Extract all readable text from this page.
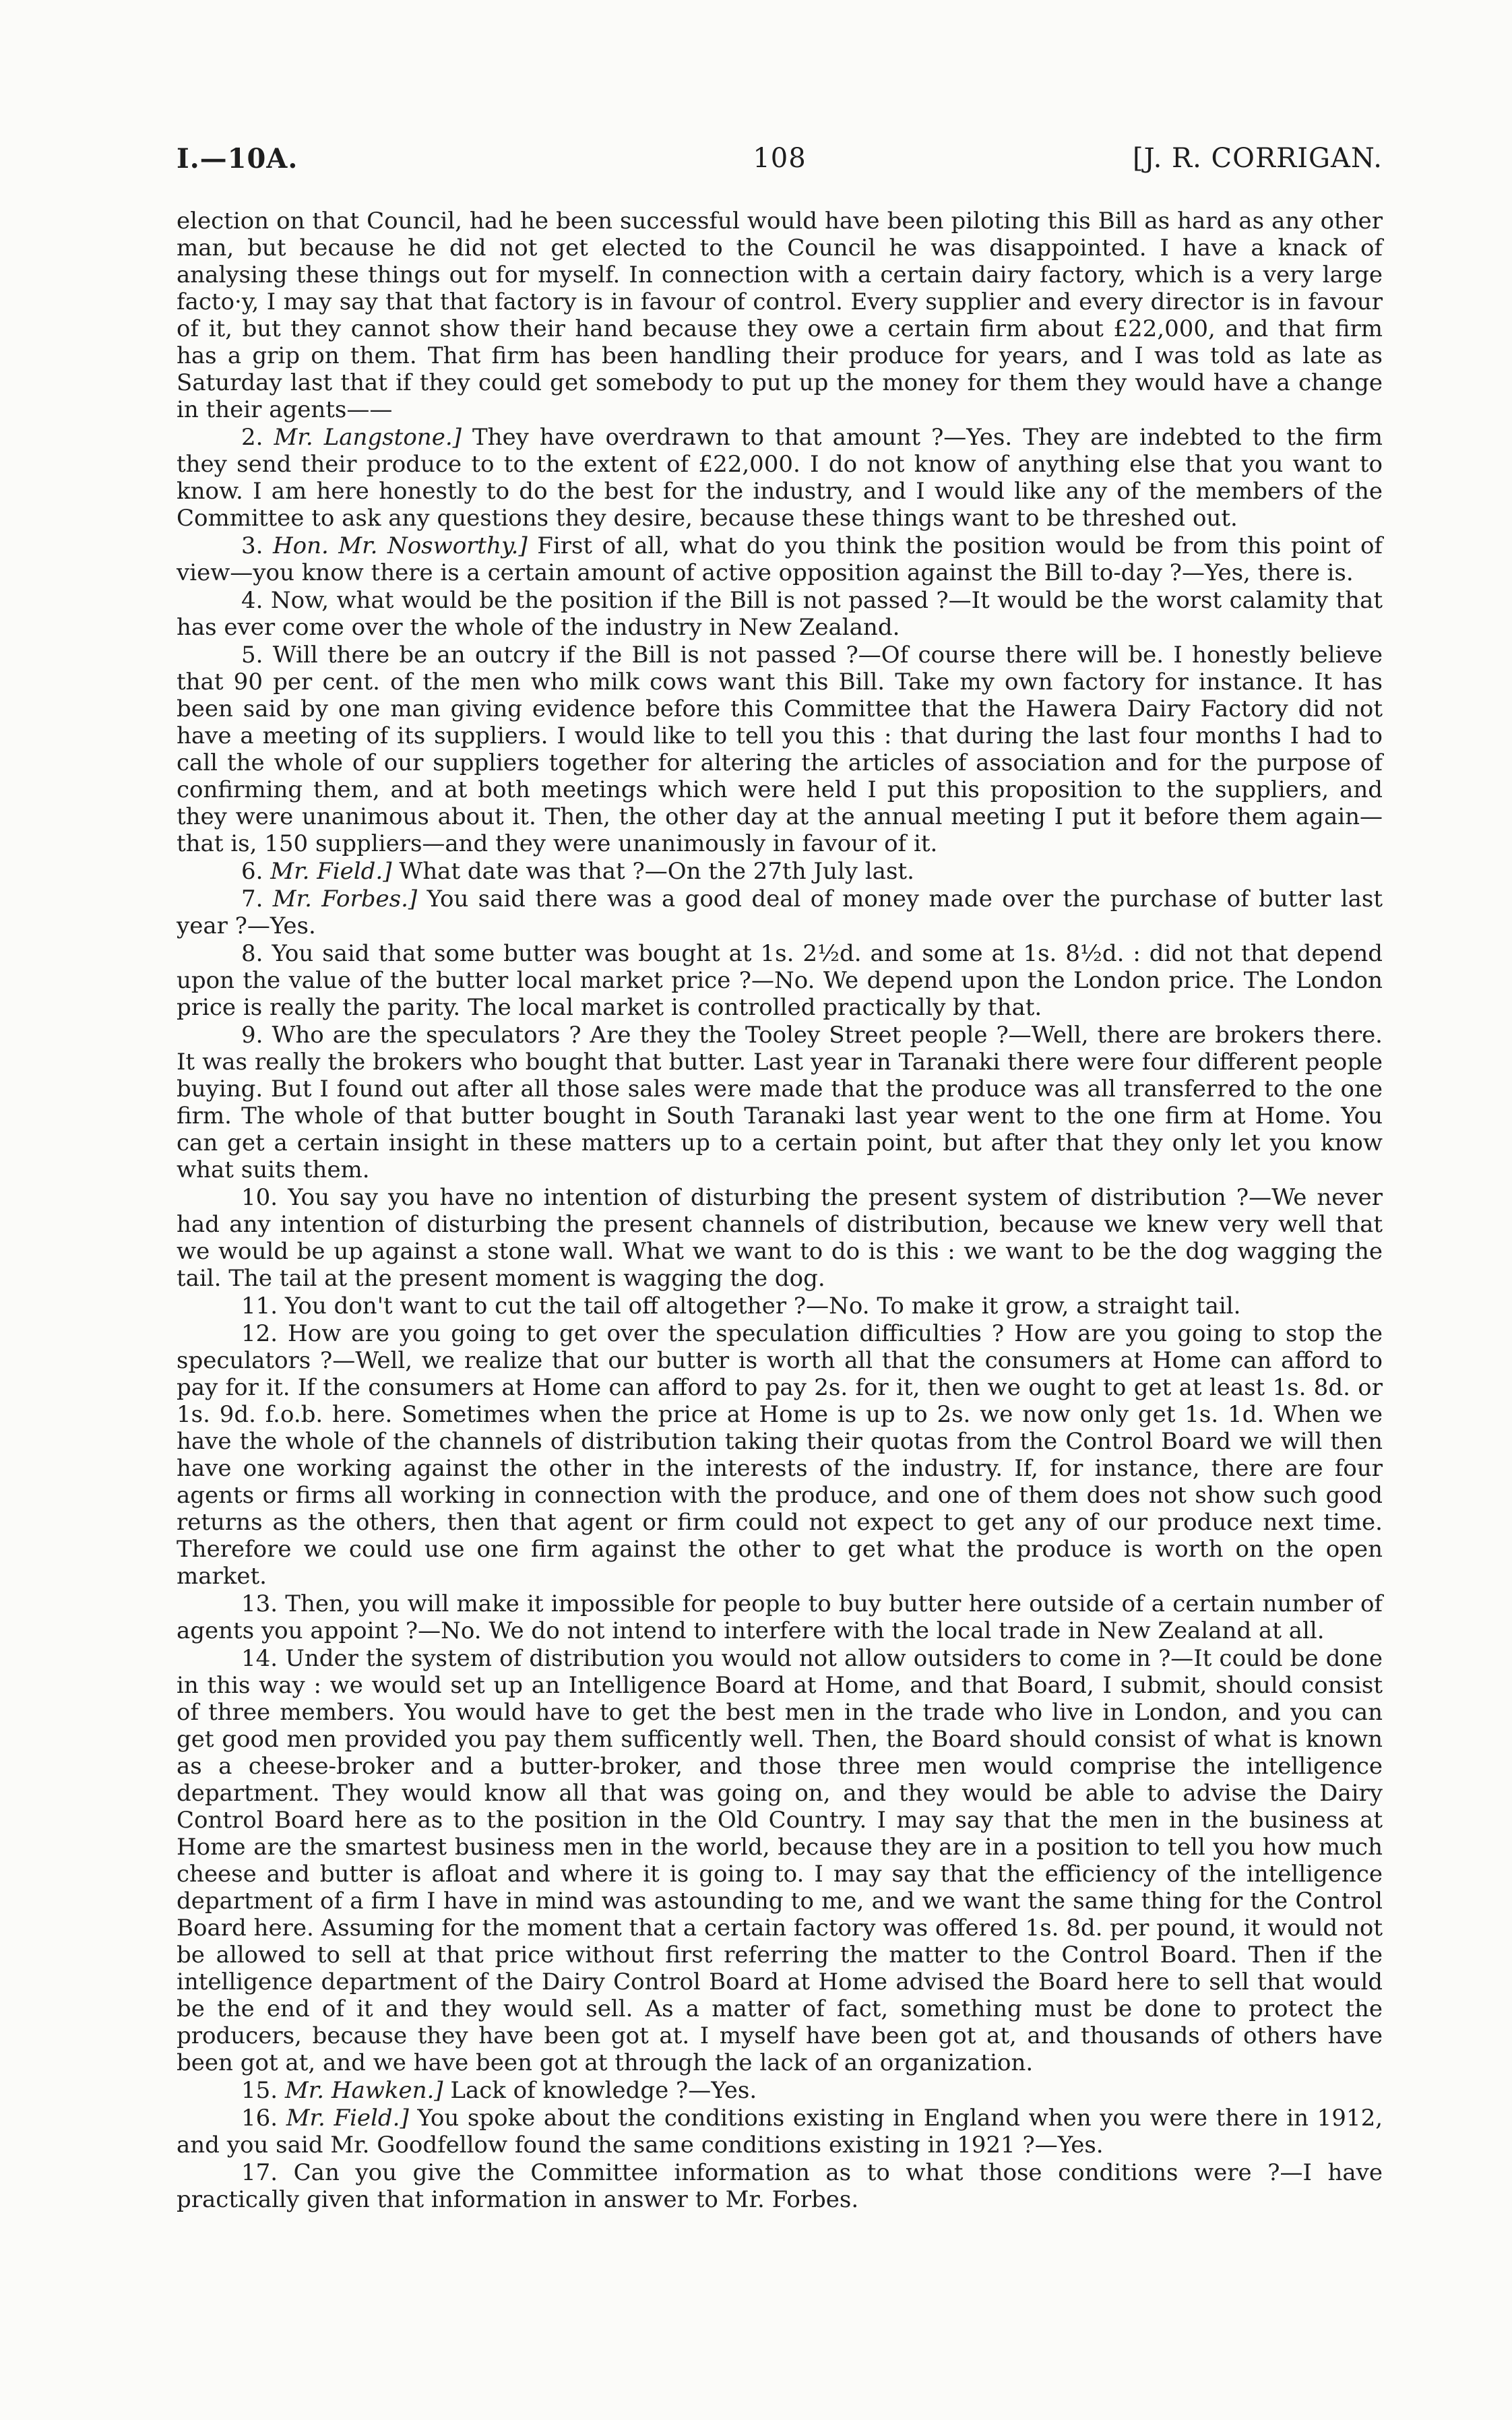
I.—10A.	108	[J. R. CORRIGAN.

election on that Council, had he been successful would have been piloting this Bill as hard as any other man, but because he did not get elected to the Council he was disappointed. I have a knack of analysing these things out for myself. In connection with a certain dairy factory, which is a very large facto·y, I may say that that factory is in favour of control. Every supplier and every director is in favour of it, but they cannot show their hand because they owe a certain firm about £22,000, and that firm has a grip on them. That firm has been handling their produce for years, and I was told as late as Saturday last that if they could get somebody to put up the money for them they would have a change in their agents——

2. Mr. Langstone.] They have overdrawn to that amount ?—Yes. They are indebted to the firm they send their produce to to the extent of £22,000. I do not know of anything else that you want to know. I am here honestly to do the best for the industry, and I would like any of the members of the Committee to ask any questions they desire, because these things want to be threshed out.

3. Hon. Mr. Nosworthy.] First of all, what do you think the position would be from this point of view—you know there is a certain amount of active opposition against the Bill to-day ?—Yes, there is.

4. Now, what would be the position if the Bill is not passed ?—It would be the worst calamity that has ever come over the whole of the industry in New Zealand.

5. Will there be an outcry if the Bill is not passed ?—Of course there will be. I honestly believe that 90 per cent. of the men who milk cows want this Bill. Take my own factory for instance. It has been said by one man giving evidence before this Committee that the Hawera Dairy Factory did not have a meeting of its suppliers. I would like to tell you this : that during the last four months I had to call the whole of our suppliers together for altering the articles of association and for the purpose of confirming them, and at both meetings which were held I put this proposition to the suppliers, and they were unanimous about it. Then, the other day at the annual meeting I put it before them again—that is, 150 suppliers—and they were unanimously in favour of it.

6. Mr. Field.] What date was that ?—On the 27th July last.

7. Mr. Forbes.] You said there was a good deal of money made over the purchase of butter last year ?—Yes.

8. You said that some butter was bought at 1s. 2½d. and some at 1s. 8½d. : did not that depend upon the value of the butter local market price ?—No. We depend upon the London price. The London price is really the parity. The local market is controlled practically by that.

9. Who are the speculators ? Are they the Tooley Street people ?—Well, there are brokers there. It was really the brokers who bought that butter. Last year in Taranaki there were four different people buying. But I found out after all those sales were made that the produce was all transferred to the one firm. The whole of that butter bought in South Taranaki last year went to the one firm at Home. You can get a certain insight in these matters up to a certain point, but after that they only let you know what suits them.

10. You say you have no intention of disturbing the present system of distribution ?—We never had any intention of disturbing the present channels of distribution, because we knew very well that we would be up against a stone wall. What we want to do is this : we want to be the dog wagging the tail. The tail at the present moment is wagging the dog.

11. You don't want to cut the tail off altogether ?—No. To make it grow, a straight tail.

12. How are you going to get over the speculation difficulties ? How are you going to stop the speculators ?—Well, we realize that our butter is worth all that the consumers at Home can afford to pay for it. If the consumers at Home can afford to pay 2s. for it, then we ought to get at least 1s. 8d. or 1s. 9d. f.o.b. here. Sometimes when the price at Home is up to 2s. we now only get 1s. 1d. When we have the whole of the channels of distribution taking their quotas from the Control Board we will then have one working against the other in the interests of the industry. If, for instance, there are four agents or firms all working in connection with the produce, and one of them does not show such good returns as the others, then that agent or firm could not expect to get any of our produce next time. Therefore we could use one firm against the other to get what the produce is worth on the open market.

13. Then, you will make it impossible for people to buy butter here outside of a certain number of agents you appoint ?—No. We do not intend to interfere with the local trade in New Zealand at all.

14. Under the system of distribution you would not allow outsiders to come in ?—It could be done in this way : we would set up an Intelligence Board at Home, and that Board, I submit, should consist of three members. You would have to get the best men in the trade who live in London, and you can get good men provided you pay them sufficently well. Then, the Board should consist of what is known as a cheese-broker and a butter-broker, and those three men would comprise the intelligence department. They would know all that was going on, and they would be able to advise the Dairy Control Board here as to the position in the Old Country. I may say that the men in the business at Home are the smartest business men in the world, because they are in a position to tell you how much cheese and butter is afloat and where it is going to. I may say that the efficiency of the intelligence department of a firm I have in mind was astounding to me, and we want the same thing for the Control Board here. Assuming for the moment that a certain factory was offered 1s. 8d. per pound, it would not be allowed to sell at that price without first referring the matter to the Control Board. Then if the intelligence department of the Dairy Control Board at Home advised the Board here to sell that would be the end of it and they would sell. As a matter of fact, something must be done to protect the producers, because they have been got at. I myself have been got at, and thousands of others have been got at, and we have been got at through the lack of an organization.

15. Mr. Hawken.] Lack of knowledge ?—Yes.

16. Mr. Field.] You spoke about the conditions existing in England when you were there in 1912, and you said Mr. Goodfellow found the same conditions existing in 1921 ?—Yes.

17. Can you give the Committee information as to what those conditions were ?—I have practically given that information in answer to Mr. Forbes.
